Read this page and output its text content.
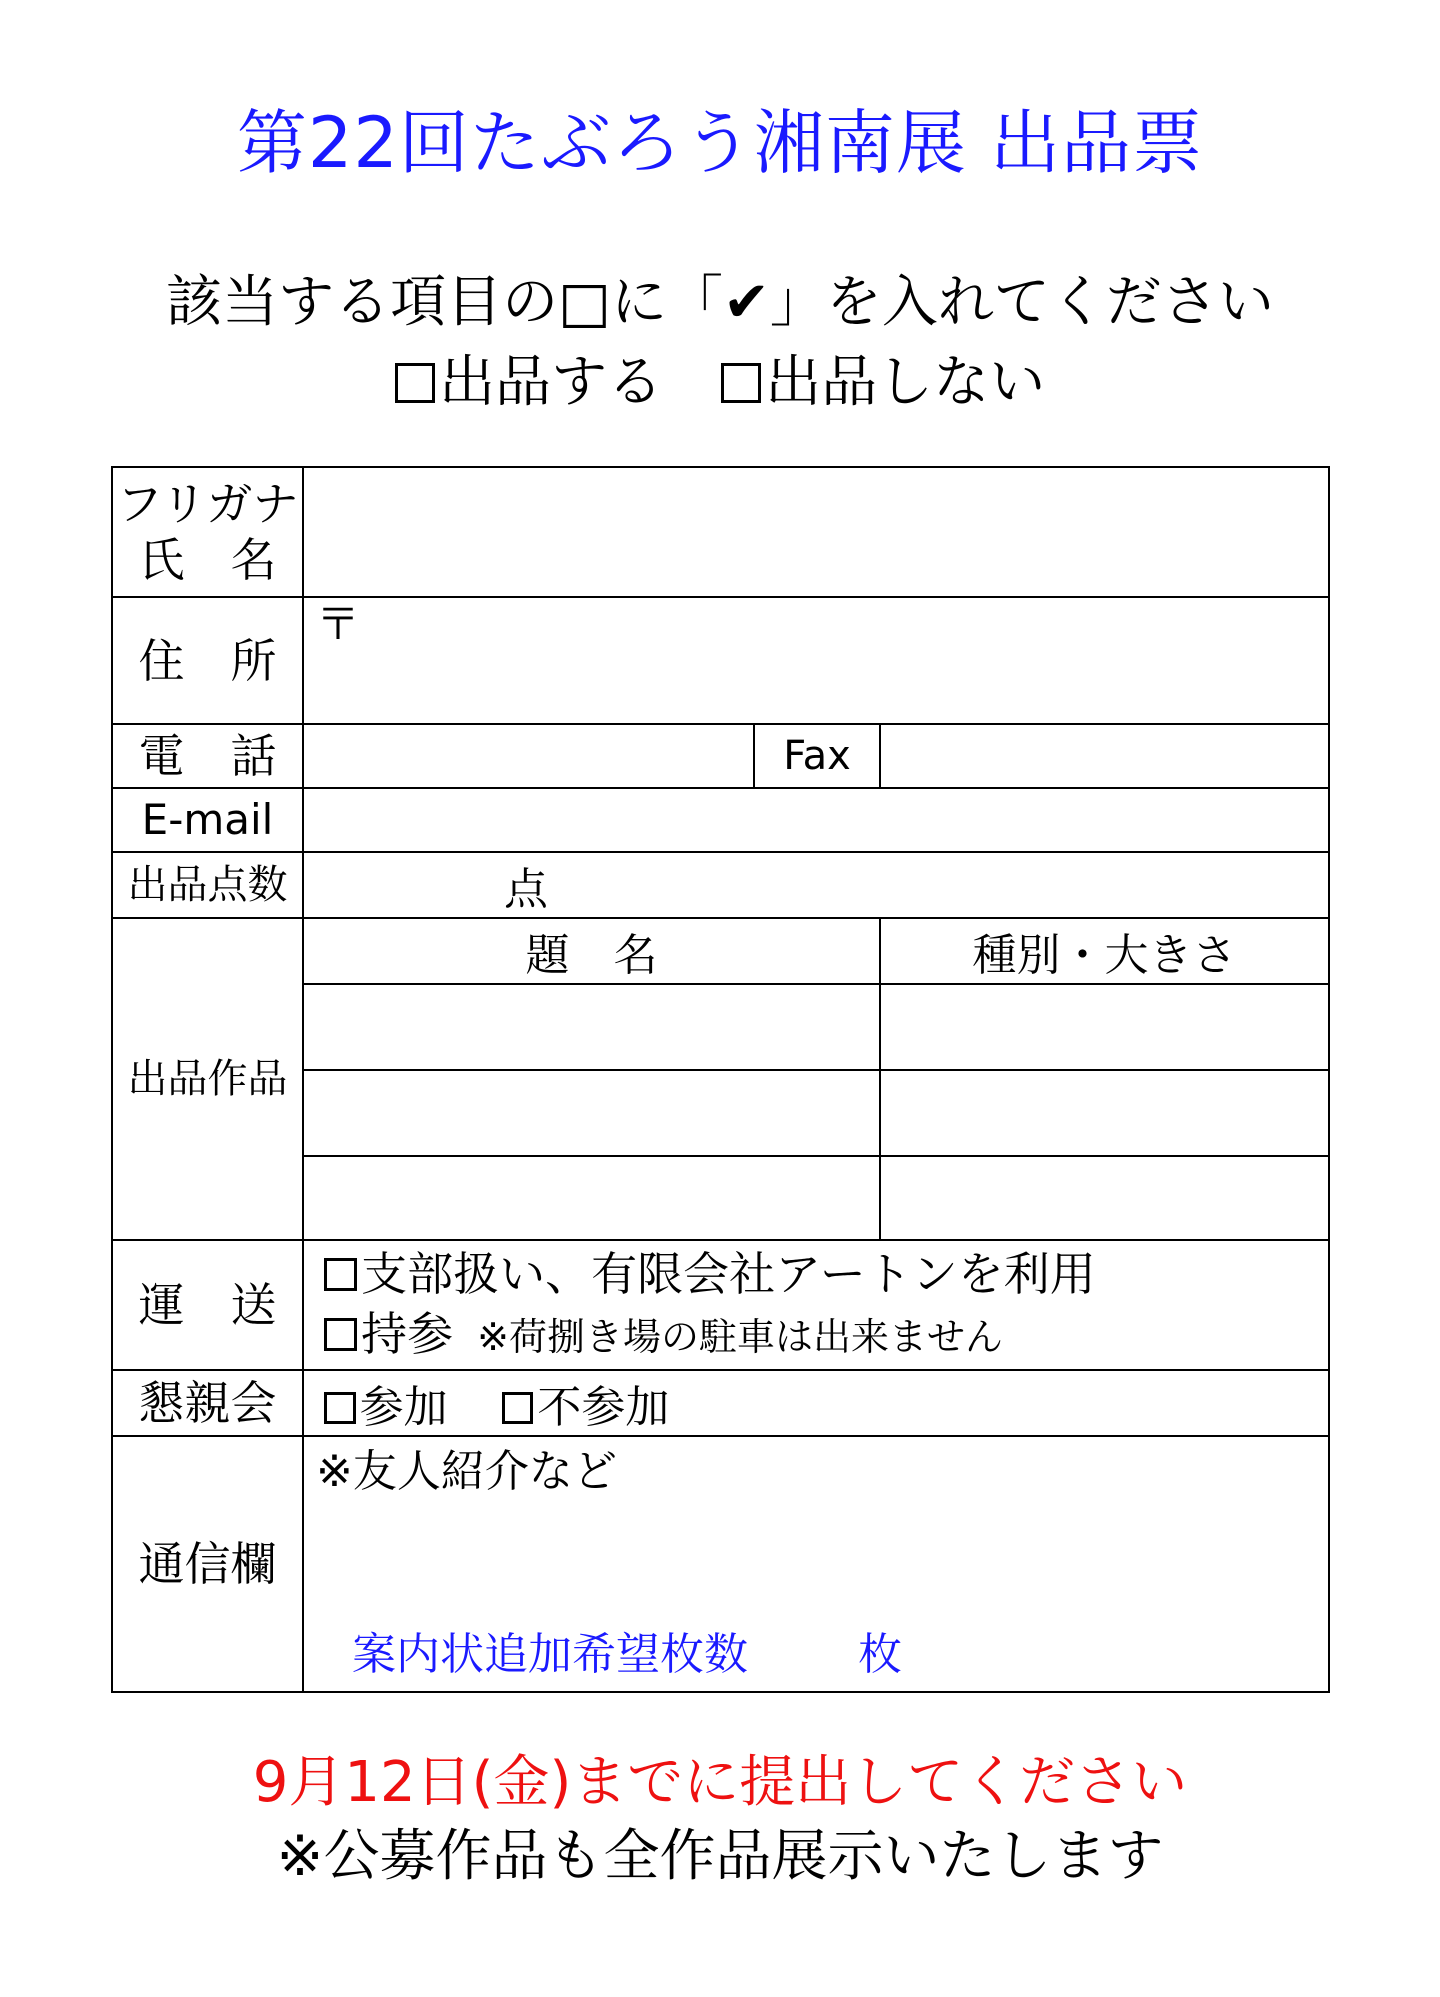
第22回たぶろう湘南展 出品票
該当する項目の□に「✔」を入れてください
出品する 出品しない
フリガナ
氏　名			

住　所	〒		
電　話		Fax	
E-mail			
出品点数	点		
出品作品	題　名		種別・大きさ

運　送	支部扱い、有限会社アートンを利用
持参 ※荷捌き場の駐車は出来ません		

懇親会	参加 不参加		

通信欄	※友人紹介など
案内状追加希望枚数 枚		
9月12日(金)までに提出してください
※公募作品も全作品展示いたします
